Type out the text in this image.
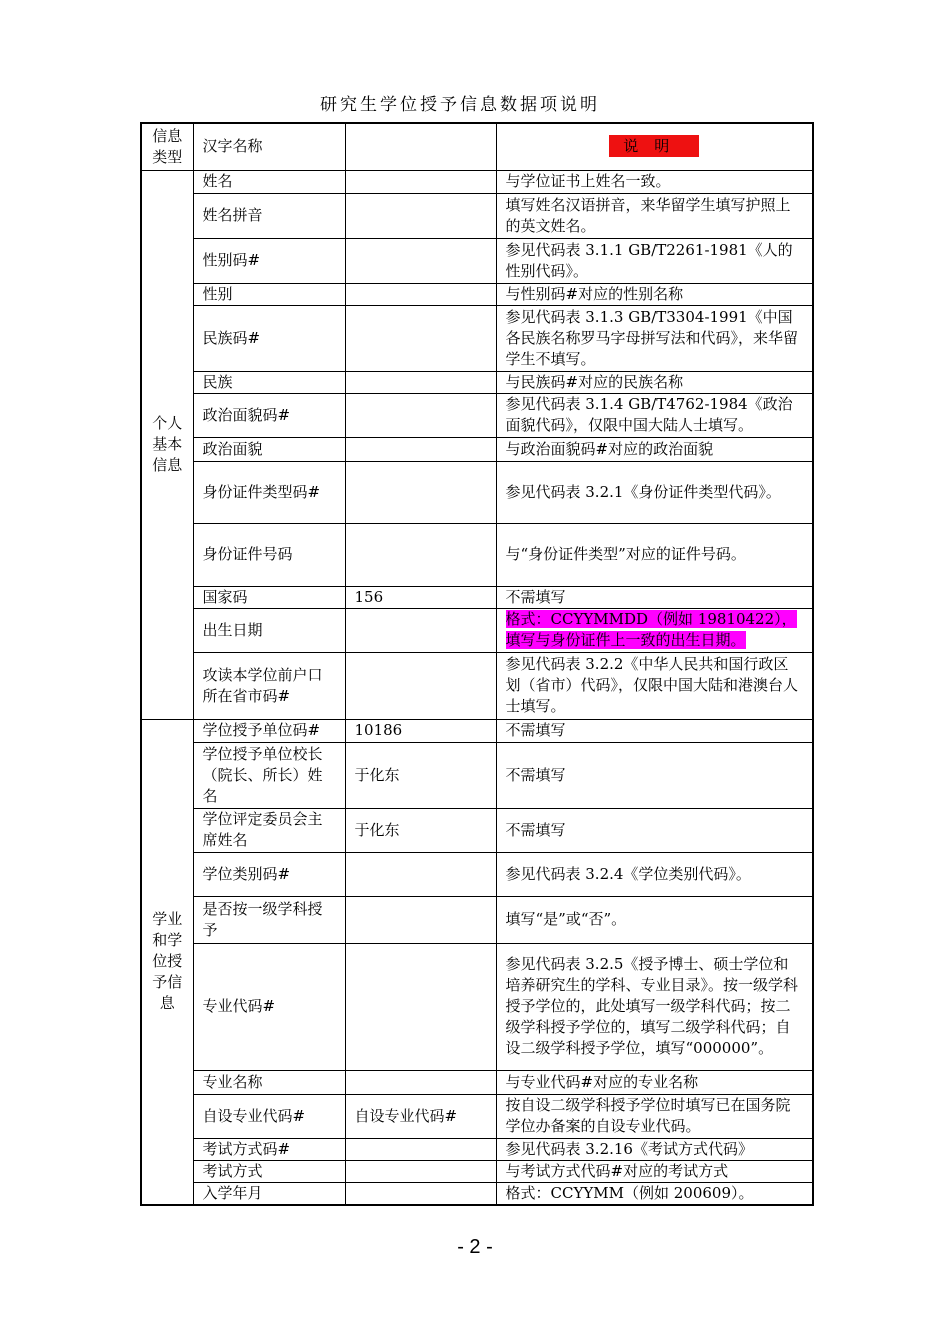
研究生学位授予信息数据项说明
信息类型	汉字名称		说明
个人基本信息	姓名		与学位证书上姓名一致。
	姓名拼音		填写姓名汉语拼音，来华留学生填写护照上的英文姓名。
	性别码#		参见代码表 3.1.1 GB/T2261-1981《人的性别代码》。
	性别		与性别码#对应的性别名称
	民族码#		参见代码表 3.1.3 GB/T3304-1991《中国各民族名称罗马字母拼写法和代码》，来华留学生不填写。
	民族		与民族码#对应的民族名称
	政治面貌码#		参见代码表 3.1.4 GB/T4762-1984《政治面貌代码》，仅限中国大陆人士填写。
	政治面貌		与政治面貌码#对应的政治面貌
	身份证件类型码#		参见代码表 3.2.1《身份证件类型代码》。
	身份证件号码		与“身份证件类型”对应的证件号码。
	国家码	156	不需填写
	出生日期		格式：CCYYMMDD（例如 19810422），填写与身份证件上一致的出生日期。
	攻读本学位前户口所在省市码#		参见代码表 3.2.2《中华人民共和国行政区划（省市）代码》，仅限中国大陆和港澳台人士填写。
学业和学位授予信息	学位授予单位码#	10186	不需填写
	学位授予单位校长（院长、所长）姓名	于化东	不需填写
	学位评定委员会主席姓名	于化东	不需填写
	学位类别码#		参见代码表 3.2.4《学位类别代码》。
	是否按一级学科授予		填写“是”或“否”。
	专业代码#		参见代码表 3.2.5《授予博士、硕士学位和培养研究生的学科、专业目录》。按一级学科授予学位的，此处填写一级学科代码；按二级学科授予学位的，填写二级学科代码；自设二级学科授予学位，填写“000000”。
	专业名称		与专业代码#对应的专业名称
	自设专业代码#	自设专业代码#	按自设二级学科授予学位时填写已在国务院学位办备案的自设专业代码。
	考试方式码#		参见代码表 3.2.16《考试方式代码》
	考试方式		与考试方式代码#对应的考试方式
	入学年月		格式：CCYYMM（例如 200609）。
- 2 -
